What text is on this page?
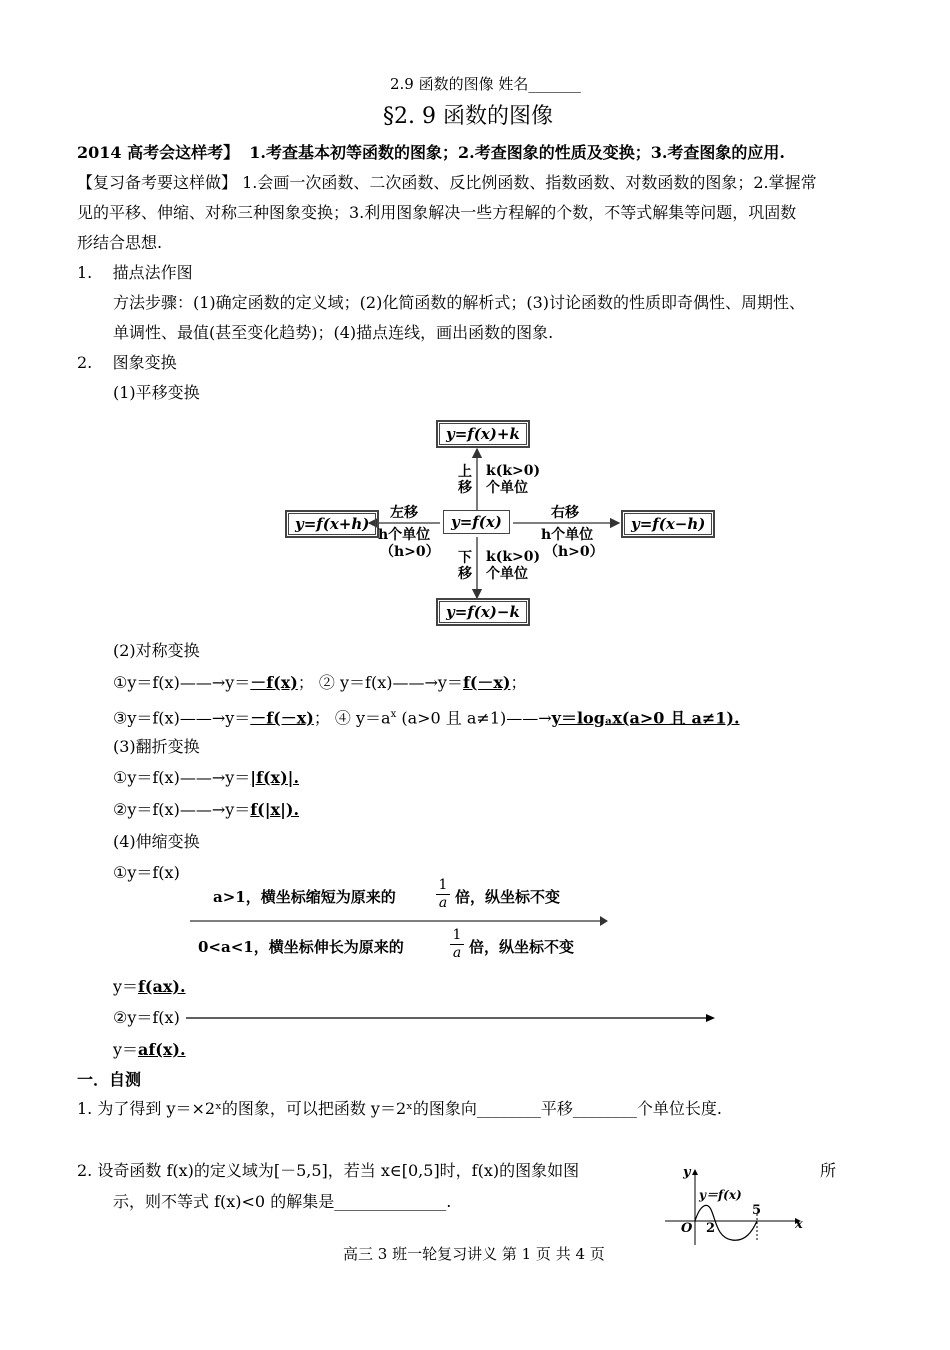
2.9 函数的图像 姓名_______
§2. 9 函数的图像
2014 高考会这样考】 1.考查基本初等函数的图象；2.考查图象的性质及变换；3.考查图象的应用.
【复习备考要这样做】 1.会画一次函数、二次函数、反比例函数、指数函数、对数函数的图象；2.掌握常
见的平移、伸缩、对称三种图象变换；3.利用图象解决一些方程解的个数，不等式解集等问题，巩固数
形结合思想.
1. 描点法作图
方法步骤：(1)确定函数的定义域；(2)化简函数的解析式；(3)讨论函数的性质即奇偶性、周期性、
单调性、最值(甚至变化趋势)；(4)描点连线，画出函数的图象.
2. 图象变换
(1)平移变换
y=f(x)+k
y=f(x)
y=f(x)−k
y=f(x+h)	y=f(x−h)
上
移
k(k>0)
个单位
下
移
k(k>0)
个单位
左移
h个单位
（h>0）
右移
h个单位
（h>0）
(2)对称变换
①y＝f(x)——→y＝－f(x)； ② y＝f(x)——→y＝f(－x)；
③y＝f(x)——→y＝－f(－x)； ④ $y=a^x$ (a>0 且 a≠1)——→y＝logₐx(a>0 且 a≠1).
(3)翻折变换
①y＝f(x)——→y＝|f(x)|.
②y＝f(x)——→y＝f(|x|).
(4)伸缩变换
①y＝f(x)
a>1，横坐标缩短为原来的	$\frac{1}{a}$ 倍，纵坐标不变
0<a<1，横坐标伸长为原来的	$\frac{1}{a}$ 倍，纵坐标不变
y＝f(ax).
②y＝f(x)
y＝af(x).
一．自测
1. 为了得到 y＝×2ˣ的图象，可以把函数 y＝2ˣ的图象向________平移________个单位长度.
2. 设奇函数 f(x)的定义域为[－5,5]，若当 x∈[0,5]时，f(x)的图象如图	所
示，则不等式 f(x)<0 的解集是______________.
y
x
O 2
5
y＝f(x)
高三 3 班一轮复习讲义 第 1 页 共 4 页
